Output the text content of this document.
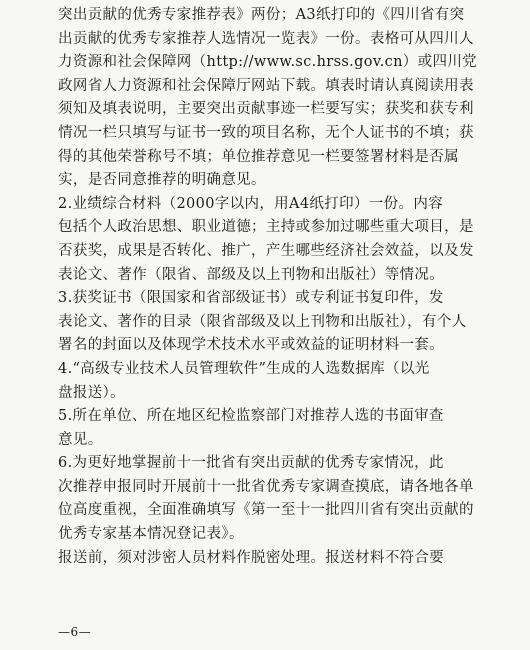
突出贡献的优秀专家推荐表》两份；A3纸打印的《四川省有突
出贡献的优秀专家推荐人选情况一览表》一份。表格可从四川人
力资源和社会保障网（http://www.sc.hrss.gov.cn）或四川党
政网省人力资源和社会保障厅网站下载。填表时请认真阅读用表
须知及填表说明，主要突出贡献事迹一栏要写实；获奖和获专利
情况一栏只填写与证书一致的项目名称，无个人证书的不填；获
得的其他荣誉称号不填；单位推荐意见一栏要签署材料是否属
实，是否同意推荐的明确意见。
2.业绩综合材料（2000字以内，用A4纸打印）一份。内容
包括个人政治思想、职业道德；主持或参加过哪些重大项目，是
否获奖，成果是否转化、推广，产生哪些经济社会效益，以及发
表论文、著作（限省、部级及以上刊物和出版社）等情况。
3.获奖证书（限国家和省部级证书）或专利证书复印件，发
表论文、著作的目录（限省部级及以上刊物和出版社），有个人
署名的封面以及体现学术技术水平或效益的证明材料一套。
4.“高级专业技术人员管理软件”生成的人选数据库（以光
盘报送）。
5.所在单位、所在地区纪检监察部门对推荐人选的书面审查
意见。
6.为更好地掌握前十一批省有突出贡献的优秀专家情况，此
次推荐申报同时开展前十一批省优秀专家调查摸底，请各地各单
位高度重视，全面准确填写《第一至十一批四川省有突出贡献的
优秀专家基本情况登记表》。
报送前，须对涉密人员材料作脱密处理。报送材料不符合要
—6—
